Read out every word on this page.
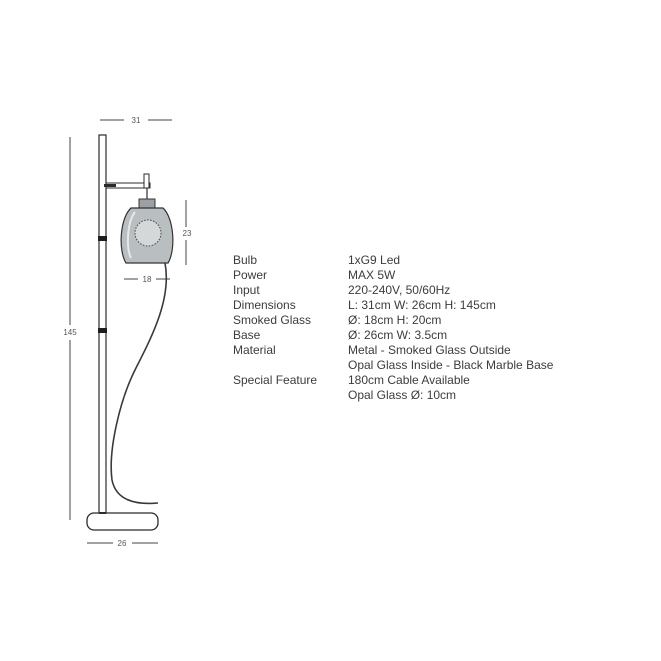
31
145
23
18
26
Bulb	1xG9 Led
Power	MAX 5W
Input	220-240V, 50/60Hz
Dimensions	L: 31cm W: 26cm H: 145cm
Smoked Glass	Ø: 18cm H: 20cm
Base	Ø: 26cm W: 3.5cm
Material	Metal - Smoked Glass Outside
Opal Glass Inside - Black Marble Base
Special Feature	180cm Cable Available
Opal Glass Ø: 10cm
